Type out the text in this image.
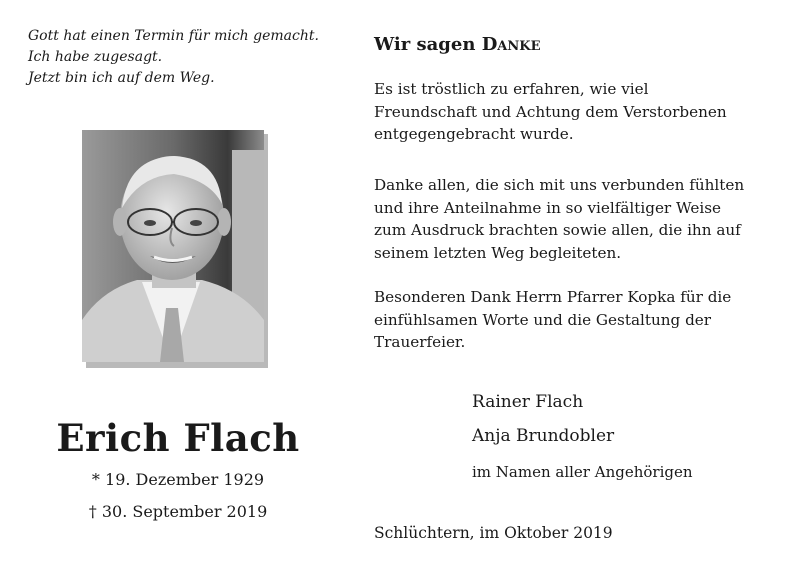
Gott hat einen Termin für mich gemacht.
Ich habe zugesagt.
Jetzt bin ich auf dem Weg.
Erich Flach
* 19. Dezember 1929
† 30. September 2019
Wir sagen Danke
Es ist tröstlich zu erfahren, wie viel
Freundschaft und Achtung dem Verstorbenen
entgegengebracht wurde.
Danke allen, die sich mit uns verbunden fühlten
und ihre Anteilnahme in so vielfältiger Weise
zum Ausdruck brachten sowie allen, die ihn auf
seinem letzten Weg begleiteten.
Besonderen Dank Herrn Pfarrer Kopka für die
einfühlsamen Worte und die Gestaltung der
Trauerfeier.
Rainer Flach
Anja Brundobler
im Namen aller Angehörigen
Schlüchtern, im Oktober 2019
